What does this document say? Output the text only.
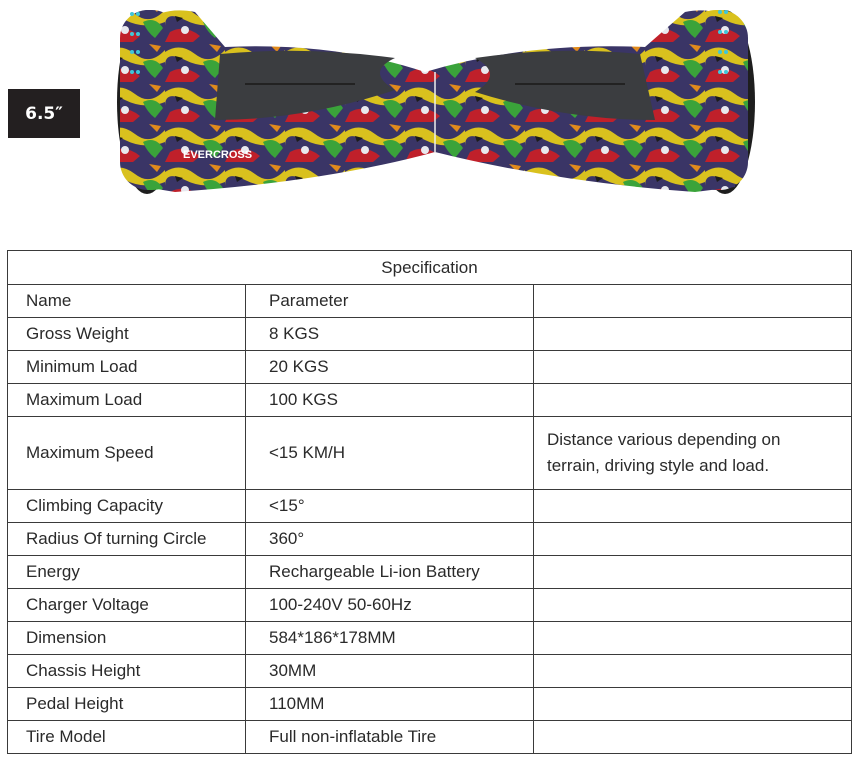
6.5″
EVERCROSS
Specification		
Name	Parameter	
Gross Weight	8 KGS	
Minimum Load	20 KGS	
Maximum Load	100 KGS	
Maximum Speed	<15 KM/H	Distance various depending on
terrain, driving style and load.

Climbing Capacity	<15°	
Radius Of turning Circle	360°	
Energy	Rechargeable Li-ion Battery	
Charger Voltage	100-240V 50-60Hz	
Dimension	584*186*178MM	
Chassis Height	30MM	
Pedal Height	110MM	
Tire Model	Full non-inflatable Tire	
